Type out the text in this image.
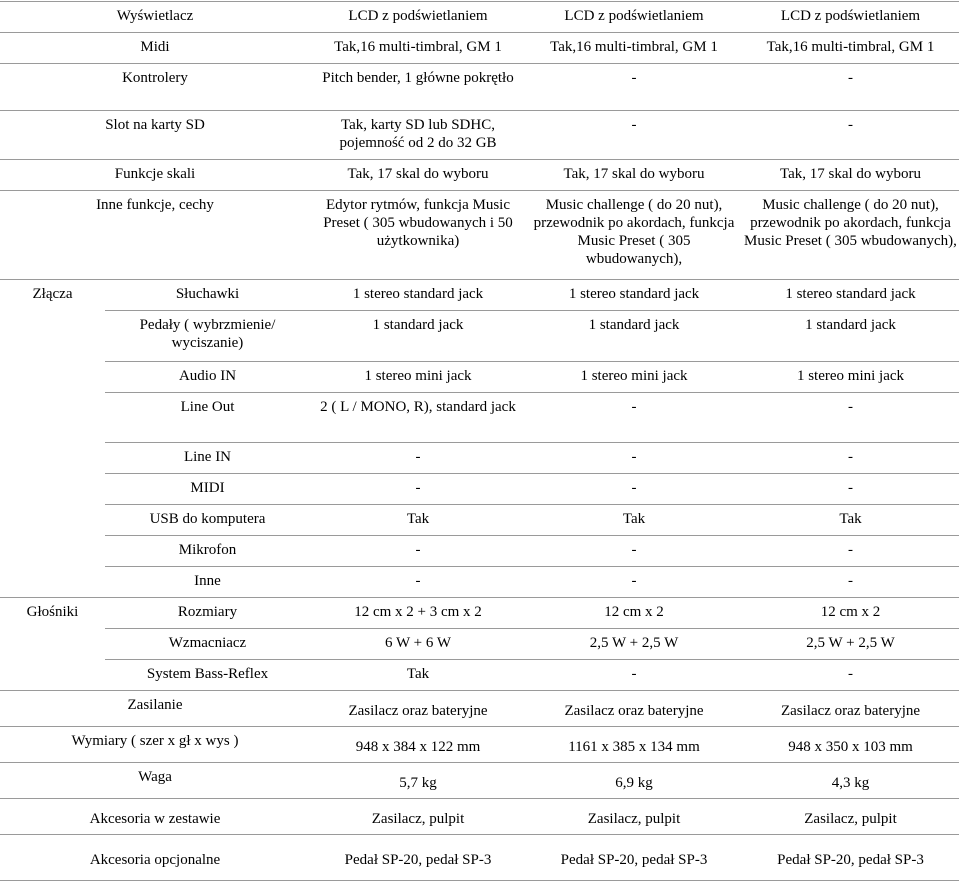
Wyświetlacz		LCD z podświetlaniem	LCD z podświetlaniem	LCD z podświetlaniem
Midi		Tak,16 multi-timbral, GM 1	Tak,16 multi-timbral, GM 1	Tak,16 multi-timbral, GM 1
Kontrolery		Pitch bender, 1 główne pokrętło	-	-
Slot na karty SD		Tak, karty SD lub SDHC, pojemność od 2 do 32 GB	-	-
Funkcje skali		Tak, 17 skal do wyboru	Tak, 17 skal do wyboru	Tak, 17 skal do wyboru
Inne funkcje, cechy		Edytor rytmów, funkcja Music Preset ( 305 wbudowanych i 50 użytkownika)	Music challenge ( do 20 nut), przewodnik po akordach, funkcja Music Preset ( 305 wbudowanych),	Music challenge ( do 20 nut), przewodnik po akordach, funkcja Music Preset ( 305 wbudowanych),
Złącza	Słuchawki	1 stereo standard jack	1 stereo standard jack	1 stereo standard jack
	Pedały ( wybrzmienie/ wyciszanie)	1 standard jack	1 standard jack	1 standard jack
	Audio IN	1 stereo mini jack	1 stereo mini jack	1 stereo mini jack
	Line Out	2 ( L / MONO, R), standard jack	-	-
	Line IN	-	-	-
	MIDI	-	-	-
	USB do komputera	Tak	Tak	Tak
	Mikrofon	-	-	-
	Inne	-	-	-
Głośniki	Rozmiary	12 cm x 2 + 3 cm x 2	12 cm x 2	12 cm x 2
	Wzmacniacz	6 W + 6 W	2,5 W + 2,5 W	2,5 W + 2,5 W
	System Bass-Reflex	Tak	-	-
Zasilanie		Zasilacz oraz bateryjne	Zasilacz oraz bateryjne	Zasilacz oraz bateryjne
Wymiary ( szer x gł x wys )		948 x 384 x 122 mm	1161 x 385 x 134 mm	948 x 350 x 103 mm
Waga		5,7 kg	6,9 kg	4,3 kg
Akcesoria w zestawie		Zasilacz, pulpit	Zasilacz, pulpit	Zasilacz, pulpit
Akcesoria opcjonalne		Pedał SP-20, pedał SP-3	Pedał SP-20, pedał SP-3	Pedał SP-20, pedał SP-3
